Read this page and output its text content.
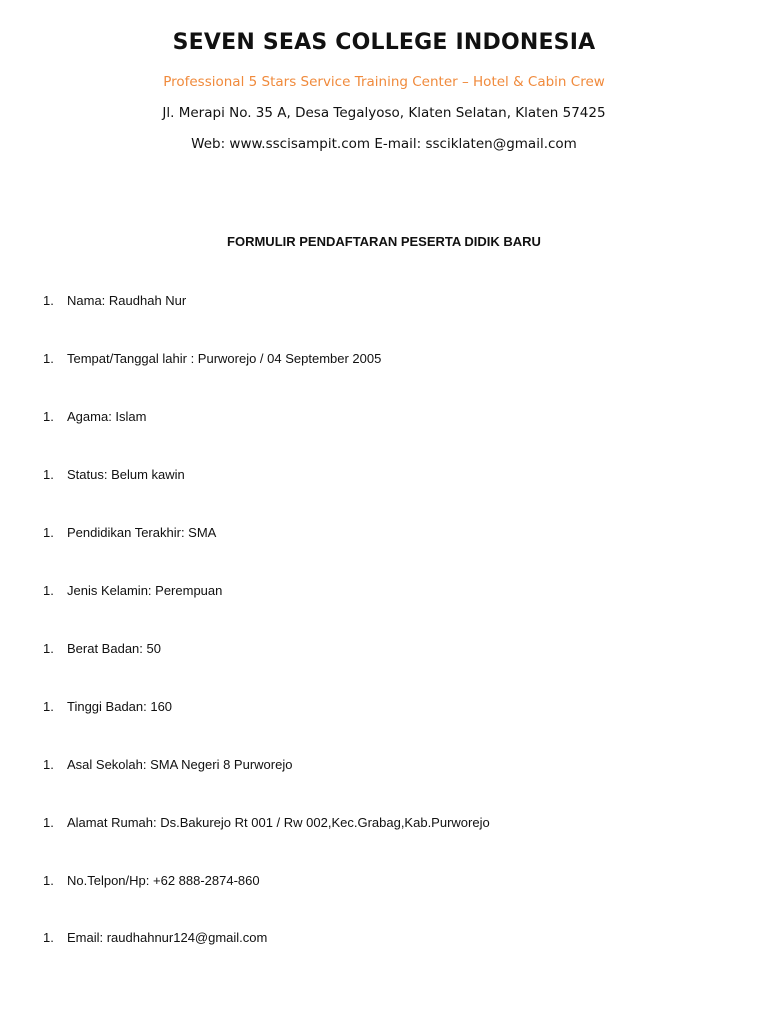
SEVEN SEAS COLLEGE INDONESIA
Professional 5 Stars Service Training Center – Hotel & Cabin Crew
Jl. Merapi No. 35 A, Desa Tegalyoso, Klaten Selatan, Klaten 57425
Web: www.sscisampit.com E-mail: ssciklaten@gmail.com
FORMULIR PENDAFTARAN PESERTA DIDIK BARU
1. Nama: Raudhah Nur
1. Tempat/Tanggal lahir : Purworejo / 04 September 2005
1. Agama: Islam
1. Status: Belum kawin
1. Pendidikan Terakhir: SMA
1. Jenis Kelamin: Perempuan
1. Berat Badan: 50
1. Tinggi Badan: 160
1. Asal Sekolah: SMA Negeri 8 Purworejo
1. Alamat Rumah: Ds.Bakurejo Rt 001 / Rw 002,Kec.Grabag,Kab.Purworejo
1. No.Telpon/Hp: +62 888-2874-860
1. Email: raudhahnur124@gmail.com
